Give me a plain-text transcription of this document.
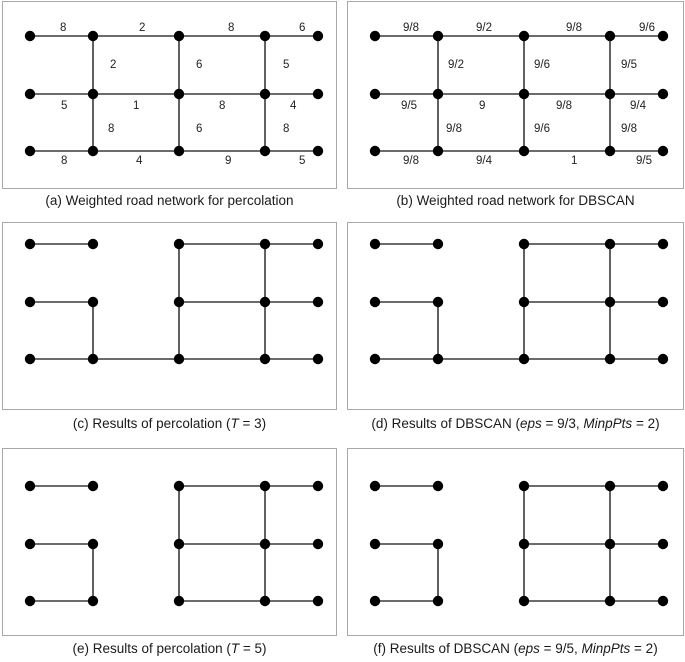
8	2	8	6
2	6	5
5	1	8	4
8	6	8
8	4	9	5
(a) Weighted road network for percolation
9/8	9/2	9/8	9/6
9/2	9/6	9/5
9/5	9	9/8	9/4
9/8	9/6	9/8
9/8	9/4	1	9/5
(b) Weighted road network for DBSCAN
(c) Results of percolation (T = 3)	(d) Results of DBSCAN (eps = 9/3, MinpPts = 2)
(e) Results of percolation (T = 5)	(f) Results of DBSCAN (eps = 9/5, MinpPts = 2)
